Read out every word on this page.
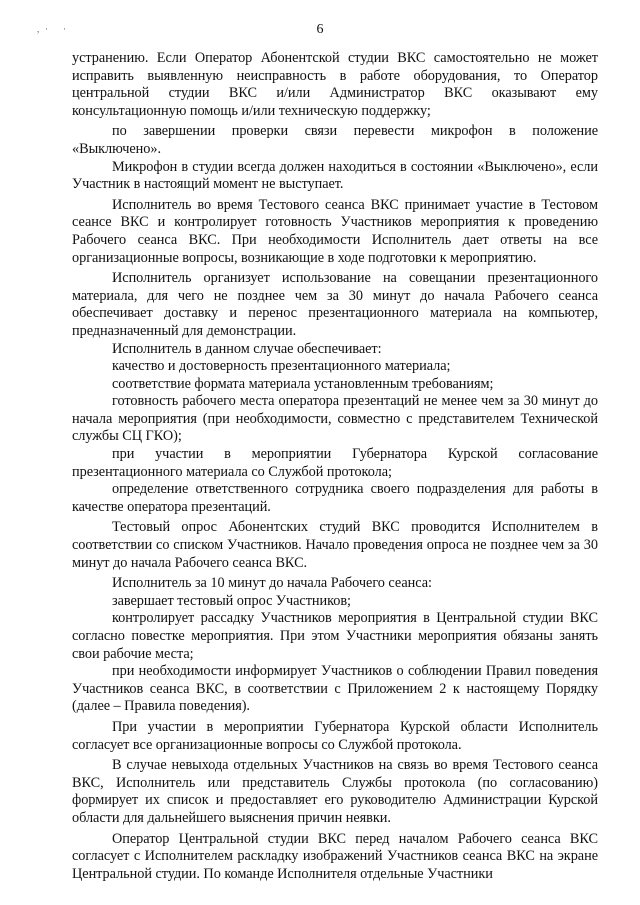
, · ·	6

устранению. Если Оператор Абонентской студии ВКС самостоятельно не может исправить выявленную неисправность в работе оборудования, то Оператор центральной студии ВКС и/или Администратор ВКС оказывают ему консультационную помощь и/или техническую поддержку;

по завершении проверки связи перевести микрофон в положение «Выключено».

Микрофон в студии всегда должен находиться в состоянии «Выключено», если Участник в настоящий момент не выступает.

Исполнитель во время Тестового сеанса ВКС принимает участие в Тестовом сеансе ВКС и контролирует готовность Участников мероприятия к проведению Рабочего сеанса ВКС. При необходимости Исполнитель дает ответы на все организационные вопросы, возникающие в ходе подготовки к мероприятию.

Исполнитель организует использование на совещании презентационного материала, для чего не позднее чем за 30 минут до начала Рабочего сеанса обеспечивает доставку и перенос презентационного материала на компьютер, предназначенный для демонстрации.

Исполнитель в данном случае обеспечивает:

качество и достоверность презентационного материала;

соответствие формата материала установленным требованиям;

готовность рабочего места оператора презентаций не менее чем за 30 минут до начала мероприятия (при необходимости, совместно с представителем Технической службы СЦ ГКО);

при участии в мероприятии Губернатора Курской согласование презентационного материала со Службой протокола;

определение ответственного сотрудника своего подразделения для работы в качестве оператора презентаций.

Тестовый опрос Абонентских студий ВКС проводится Исполнителем в соответствии со списком Участников. Начало проведения опроса не позднее чем за 30 минут до начала Рабочего сеанса ВКС.

Исполнитель за 10 минут до начала Рабочего сеанса:

завершает тестовый опрос Участников;

контролирует рассадку Участников мероприятия в Центральной студии ВКС согласно повестке мероприятия. При этом Участники мероприятия обязаны занять свои рабочие места;

при необходимости информирует Участников о соблюдении Правил поведения Участников сеанса ВКС, в соответствии с Приложением 2 к настоящему Порядку (далее – Правила поведения).

При участии в мероприятии Губернатора Курской области Исполнитель согласует все организационные вопросы со Службой протокола.

В случае невыхода отдельных Участников на связь во время Тестового сеанса ВКС, Исполнитель или представитель Службы протокола (по согласованию) формирует их список и предоставляет его руководителю Администрации Курской области для дальнейшего выяснения причин неявки.

Оператор Центральной студии ВКС перед началом Рабочего сеанса ВКС согласует с Исполнителем раскладку изображений Участников сеанса ВКС на экране Центральной студии. По команде Исполнителя отдельные Участники
